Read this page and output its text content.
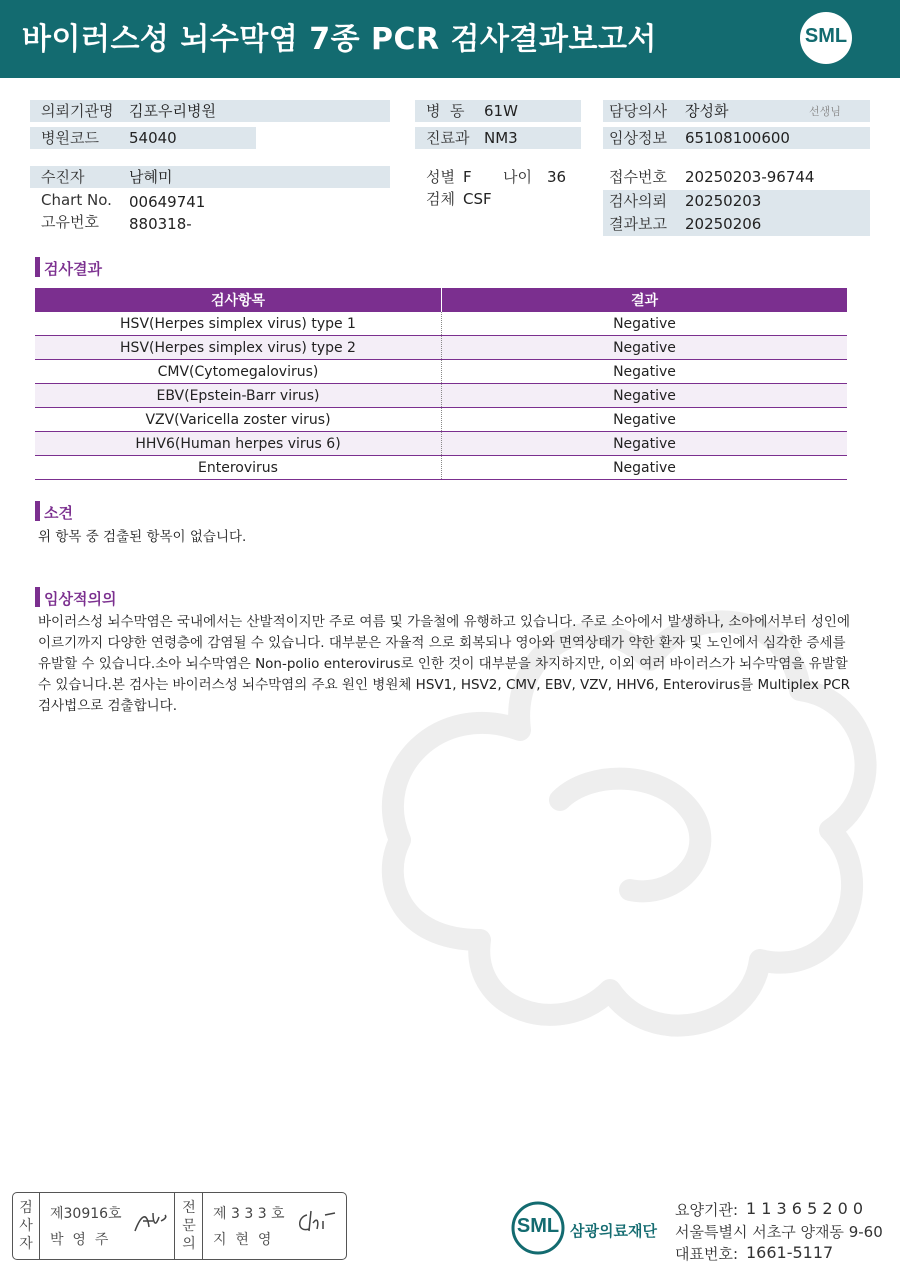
바이러스성 뇌수막염 7종 PCR 검사결과보고서	SML
의뢰기관명 김포우리병원
병원코드 54040
병  동 61W
진료과 NM3
담당의사 장성화	선생님
임상정보 65108100600
수진자	남혜미
Chart No. 00649741
고유번호 880318-
성별 F 나이 36
검체 CSF
접수번호 20250203-96744
검사의뢰 20250203
결과보고 20250206
검사결과
검사항목	결과
HSV(Herpes simplex virus) type 1	Negative
HSV(Herpes simplex virus) type 2	Negative
CMV(Cytomegalovirus)	Negative
EBV(Epstein-Barr virus)	Negative
VZV(Varicella zoster virus)	Negative
HHV6(Human herpes virus 6)	Negative
Enterovirus	Negative
소견
위 항목 중 검출된 항목이 없습니다.
임상적의의
바이러스성 뇌수막염은 국내에서는 산발적이지만 주로 여름 및 가을철에 유행하고 있습니다. 주로 소아에서 발생하나, 소아에서부터 성인에
이르기까지 다양한 연령층에 감염될 수 있습니다. 대부분은 자율적 으로 회복되나 영아와 면역상태가 약한 환자 및 노인에서 심각한 증세를
유발할 수 있습니다.소아 뇌수막염은 Non-polio enterovirus로 인한 것이 대부분을 차지하지만, 이외 여러 바이러스가 뇌수막염을 유발할
수 있습니다.본 검사는 바이러스성 뇌수막염의 주요 원인 병원체 HSV1, HSV2, CMV, EBV, VZV, HHV6, Enterovirus를 Multiplex PCR
검사법으로 검출합니다.
검
사
자
제30916호
박  영  주
전
문
의
제 3 3 3 호
지  현  영
SML 삼광의료재단
요양기관: 1 1 3 6 5 2 0 0
서울특별시 서초구 양재동 9-60
대표번호: 1661-5117
